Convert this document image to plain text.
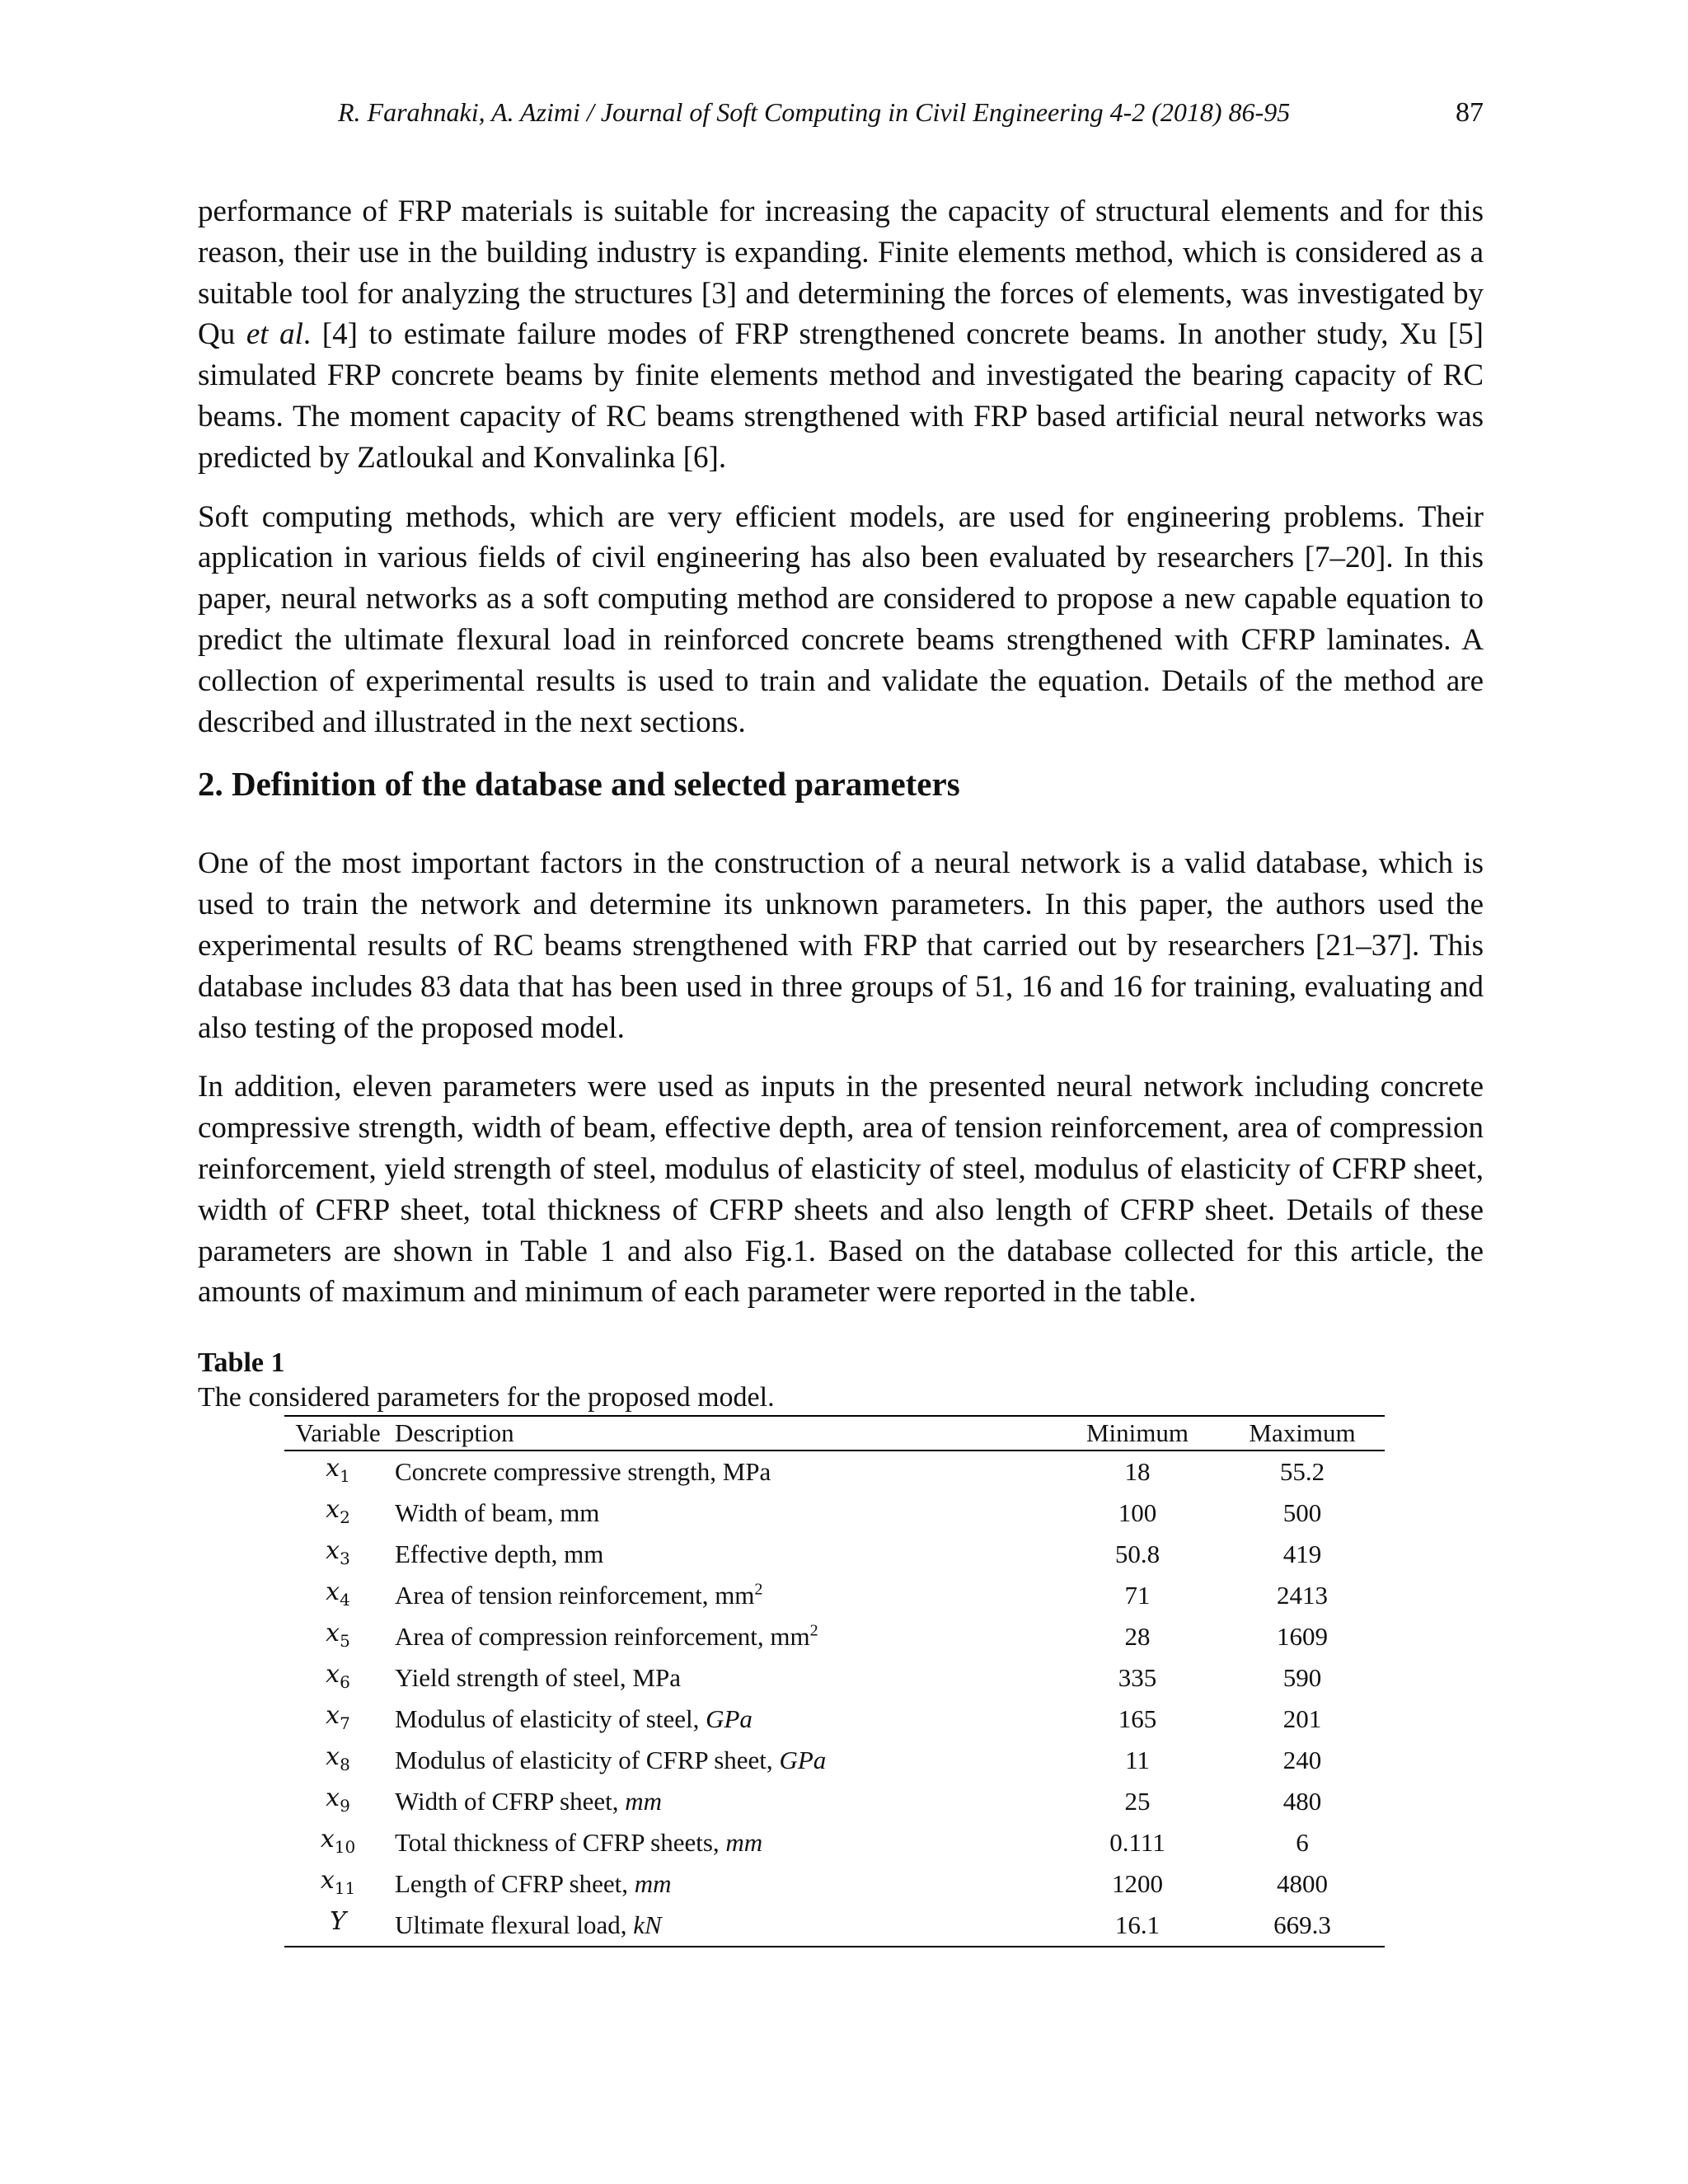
R. Farahnaki, A. Azimi / Journal of Soft Computing in Civil Engineering 4-2 (2018) 86-95	87

performance of FRP materials is suitable for increasing the capacity of structural elements and for this reason, their use in the building industry is expanding. Finite elements method, which is considered as a suitable tool for analyzing the structures [3] and determining the forces of elements, was investigated by Qu et al. [4] to estimate failure modes of FRP strengthened concrete beams. In another study, Xu [5] simulated FRP concrete beams by finite elements method and investigated the bearing capacity of RC beams. The moment capacity of RC beams strengthened with FRP based artificial neural networks was predicted by Zatloukal and Konvalinka [6].

Soft computing methods, which are very efficient models, are used for engineering problems. Their application in various fields of civil engineering has also been evaluated by researchers [7–20]. In this paper, neural networks as a soft computing method are considered to propose a new capable equation to predict the ultimate flexural load in reinforced concrete beams strengthened with CFRP laminates. A collection of experimental results is used to train and validate the equation. Details of the method are described and illustrated in the next sections.

2. Definition of the database and selected parameters

One of the most important factors in the construction of a neural network is a valid database, which is used to train the network and determine its unknown parameters. In this paper, the authors used the experimental results of RC beams strengthened with FRP that carried out by researchers [21–37]. This database includes 83 data that has been used in three groups of 51, 16 and 16 for training, evaluating and also testing of the proposed model.

In addition, eleven parameters were used as inputs in the presented neural network including concrete compressive strength, width of beam, effective depth, area of tension reinforcement, area of compression reinforcement, yield strength of steel, modulus of elasticity of steel, modulus of elasticity of CFRP sheet, width of CFRP sheet, total thickness of CFRP sheets and also length of CFRP sheet. Details of these parameters are shown in Table 1 and also Fig.1. Based on the database collected for this article, the amounts of maximum and minimum of each parameter were reported in the table.

Table 1
The considered parameters for the proposed model.
Variable	Description	Minimum	Maximum
$x_1$	Concrete compressive strength, MPa	18	55.2
$x_2$	Width of beam, mm	100	500
$x_3$	Effective depth, mm	50.8	419
$x_4$	Area of tension reinforcement, $mm^2$	71	2413
$x_5$	Area of compression reinforcement, $mm^2$	28	1609
$x_6$	Yield strength of steel, MPa	335	590
$x_7$	Modulus of elasticity of steel, GPa	165	201
$x_8$	Modulus of elasticity of CFRP sheet, GPa	11	240
$x_9$	Width of CFRP sheet, mm	25	480
$x_{10}$	Total thickness of CFRP sheets, mm	0.111	6
$x_{11}$	Length of CFRP sheet, mm	1200	4800
Y	Ultimate flexural load, kN	16.1	669.3
